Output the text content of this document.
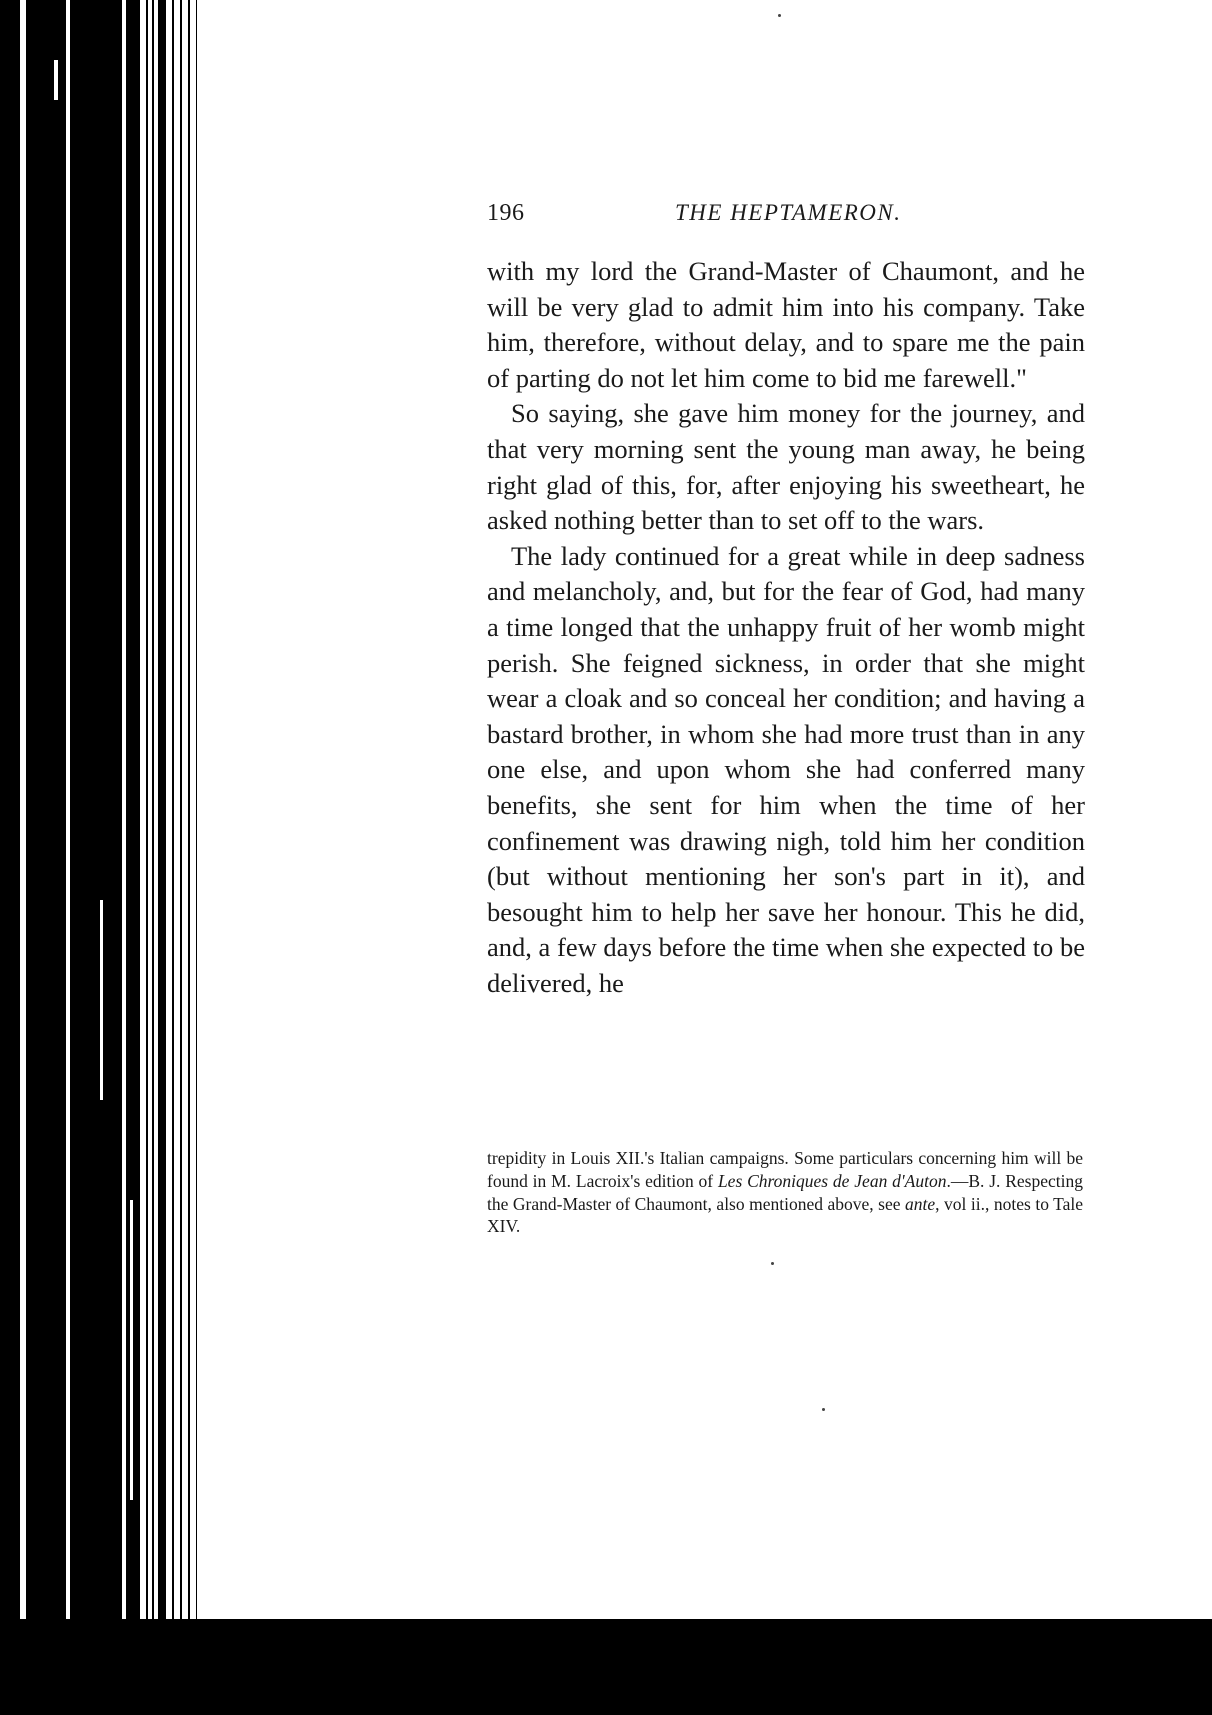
196	THE HEPTAMERON.

with my lord the Grand-Master of Chaumont, and he will be very glad to admit him into his company. Take him, therefore, without delay, and to spare me the pain of parting do not let him come to bid me farewell."

So saying, she gave him money for the journey, and that very morning sent the young man away, he being right glad of this, for, after enjoying his sweetheart, he asked nothing better than to set off to the wars.

The lady continued for a great while in deep sadness and melancholy, and, but for the fear of God, had many a time longed that the unhappy fruit of her womb might perish. She feigned sickness, in order that she might wear a cloak and so conceal her condition; and having a bastard brother, in whom she had more trust than in any one else, and upon whom she had conferred many benefits, she sent for him when the time of her confinement was drawing nigh, told him her condition (but without mentioning her son's part in it), and besought him to help her save her honour. This he did, and, a few days before the time when she expected to be delivered, he

trepidity in Louis XII.'s Italian campaigns. Some particulars concerning him will be found in M. Lacroix's edition of Les Chroniques de Jean d'Auton.—B. J. Respecting the Grand-Master of Chaumont, also mentioned above, see ante, vol ii., notes to Tale XIV.
